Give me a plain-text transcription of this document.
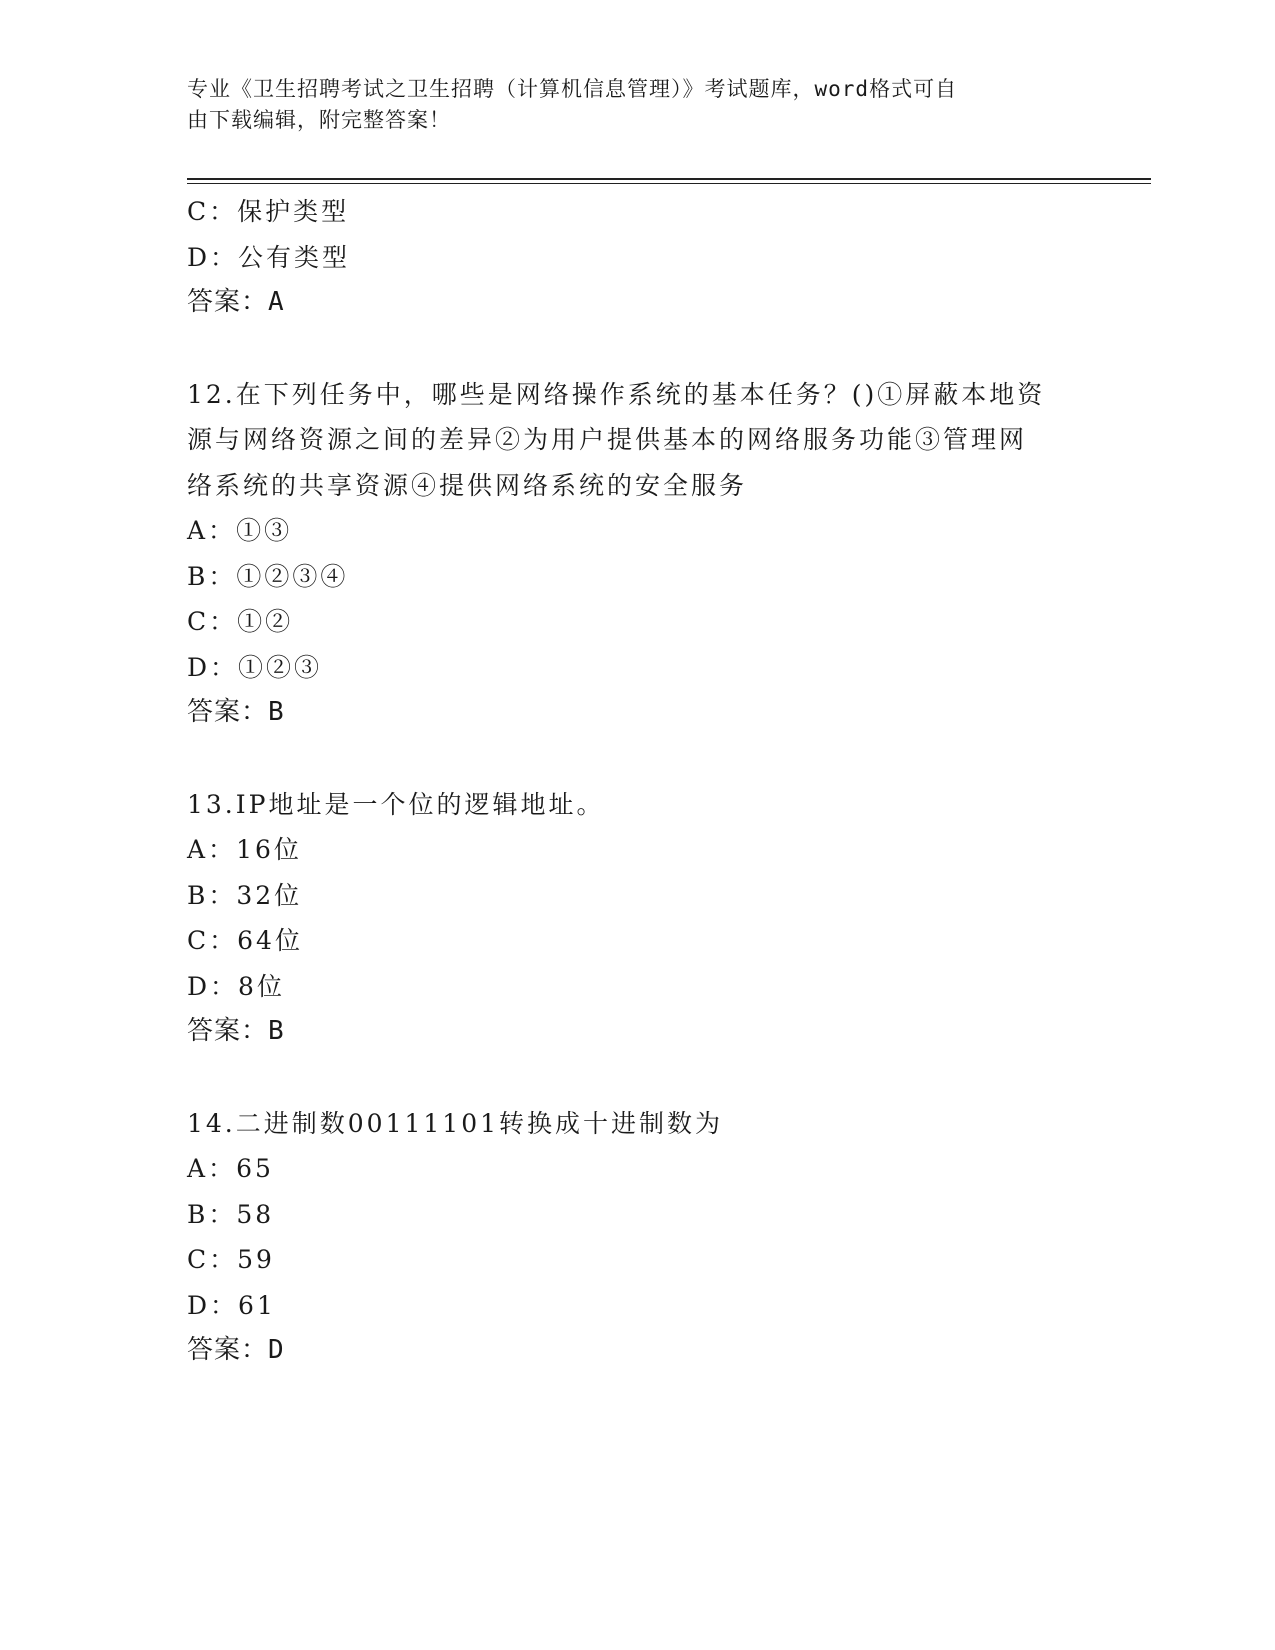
专业《卫生招聘考试之卫生招聘（计算机信息管理）》考试题库，word格式可自
由下载编辑，附完整答案！
C：保护类型
D：公有类型
答案：A
12.在下列任务中，哪些是网络操作系统的基本任务？()①屏蔽本地资
源与网络资源之间的差异②为用户提供基本的网络服务功能③管理网
络系统的共享资源④提供网络系统的安全服务
A：①③
B：①②③④
C：①②
D：①②③
答案：B
13.IP地址是一个位的逻辑地址。
A：16位
B：32位
C：64位
D：8位
答案：B
14.二进制数00111101转换成十进制数为
A：65
B：58
C：59
D：61
答案：D
